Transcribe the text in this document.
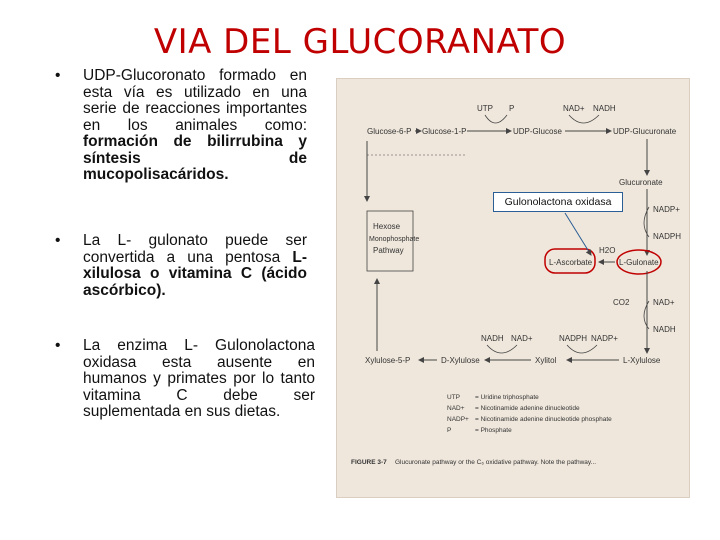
VIA DEL GLUCORANATO
• UDP-Glucoronato formado en esta vía es utilizado en una serie de reacciones importantes en los animales como: formación de bilirrubina y síntesis de mucopolisacáridos.
• La L- gulonato puede ser convertida a una pentosa L-xilulosa o vitamina C (ácido ascórbico).
• La enzima L- Gulonolactona oxidasa esta ausente en humanos y primates por lo tanto vitamina C debe ser suplementada en sus dietas.
Glucose-6-P Glucose-1-P	UDP-Glucose	UDP-Glucuronate
UTP P	NAD+ NADH
Glucuronate
NADP+
NADPH
L-Gulonate
L-Ascorbate
H2O
CO2	NAD+
NADH
L-Xylulose
Xylitol
D-Xylulose
Xylulose-5-P
NADH NAD+	NADPH NADP+
Hexose
Monophosphate
Pathway
UTP = Uridine triphosphate
NAD+ = Nicotinamide adenine dinucleotide
NADP+ = Nicotinamide adenine dinucleotide phosphate
P	= Phosphate
FIGURE 3-7 Glucuronate pathway or the C₆ oxidative pathway. Note the pathway...
Gulonolactona oxidasa
